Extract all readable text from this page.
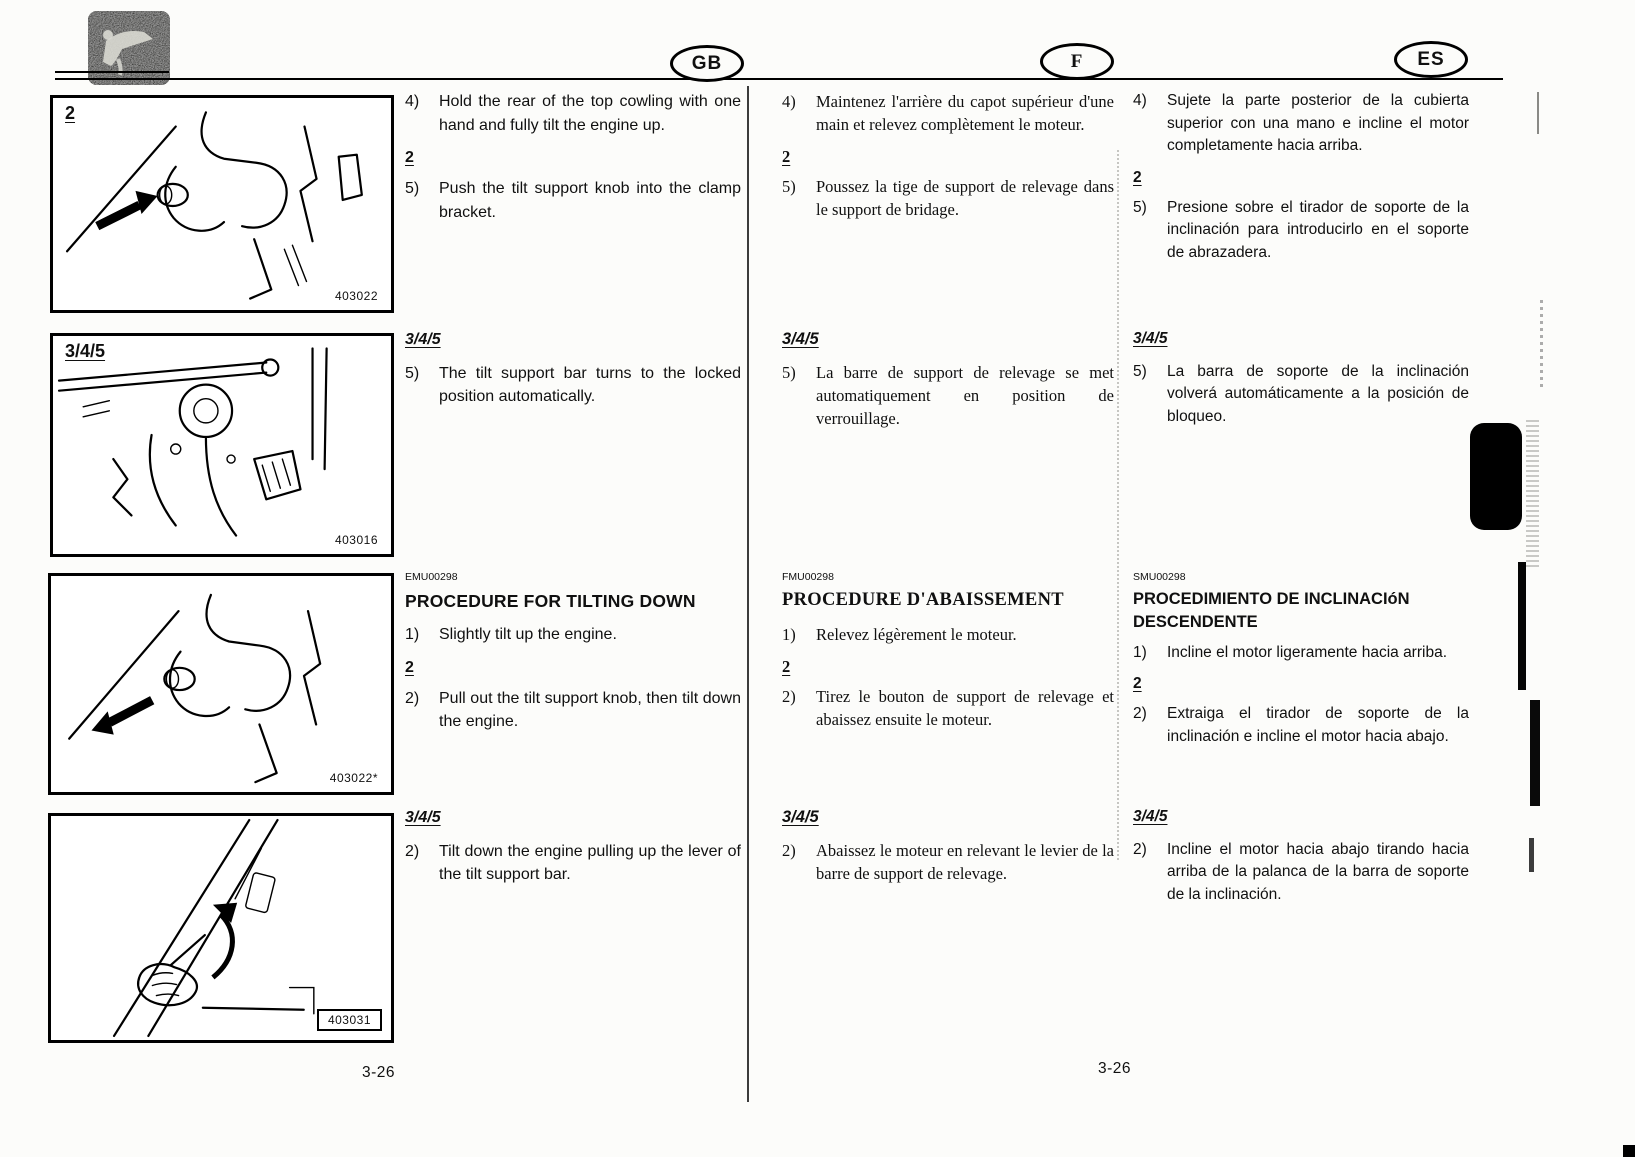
GB	F	ES
2
403022
3/4/5
403016
403022*
403031
4)	Hold the rear of the top cowling with one hand and fully tilt the engine up.
2
5)	Push the tilt support knob into the clamp bracket.
3/4/5
5)	The tilt support bar turns to the locked position automatically.
EMU00298
PROCEDURE FOR TILTING DOWN
1)	Slightly tilt up the engine.
2
2)	Pull out the tilt support knob, then tilt down the engine.
3/4/5
2)	Tilt down the engine pulling up the lever of the tilt support bar.
4)	Maintenez l'arrière du capot supérieur d'une main et relevez complètement le moteur.
2
5)	Poussez la tige de support de relevage dans le support de bridage.
3/4/5
5)	La barre de support de relevage se met automatiquement en position de verrouillage.
FMU00298
PROCEDURE D'ABAISSEMENT
1)	Relevez légèrement le moteur.
2
2)	Tirez le bouton de support de relevage et abaissez ensuite le moteur.
3/4/5
2)	Abaissez le moteur en relevant le levier de la barre de support de relevage.
4)	Sujete la parte posterior de la cubierta superior con una mano e incline el motor completamente hacia arriba.
2
5)	Presione sobre el tirador de soporte de la inclinación para introducirlo en el soporte de abrazadera.
3/4/5
5)	La barra de soporte de la inclinación volverá automáticamente a la posición de bloqueo.
SMU00298
PROCEDIMIENTO DE INCLINACIóN DESCENDENTE
1)	Incline el motor ligeramente hacia arriba.
2
2)	Extraiga el tirador de soporte de la inclinación e incline el motor hacia abajo.
3/4/5
2)	Incline el motor hacia abajo tirando hacia arriba de la palanca de la barra de soporte de la inclinación.
3-26	3-26
